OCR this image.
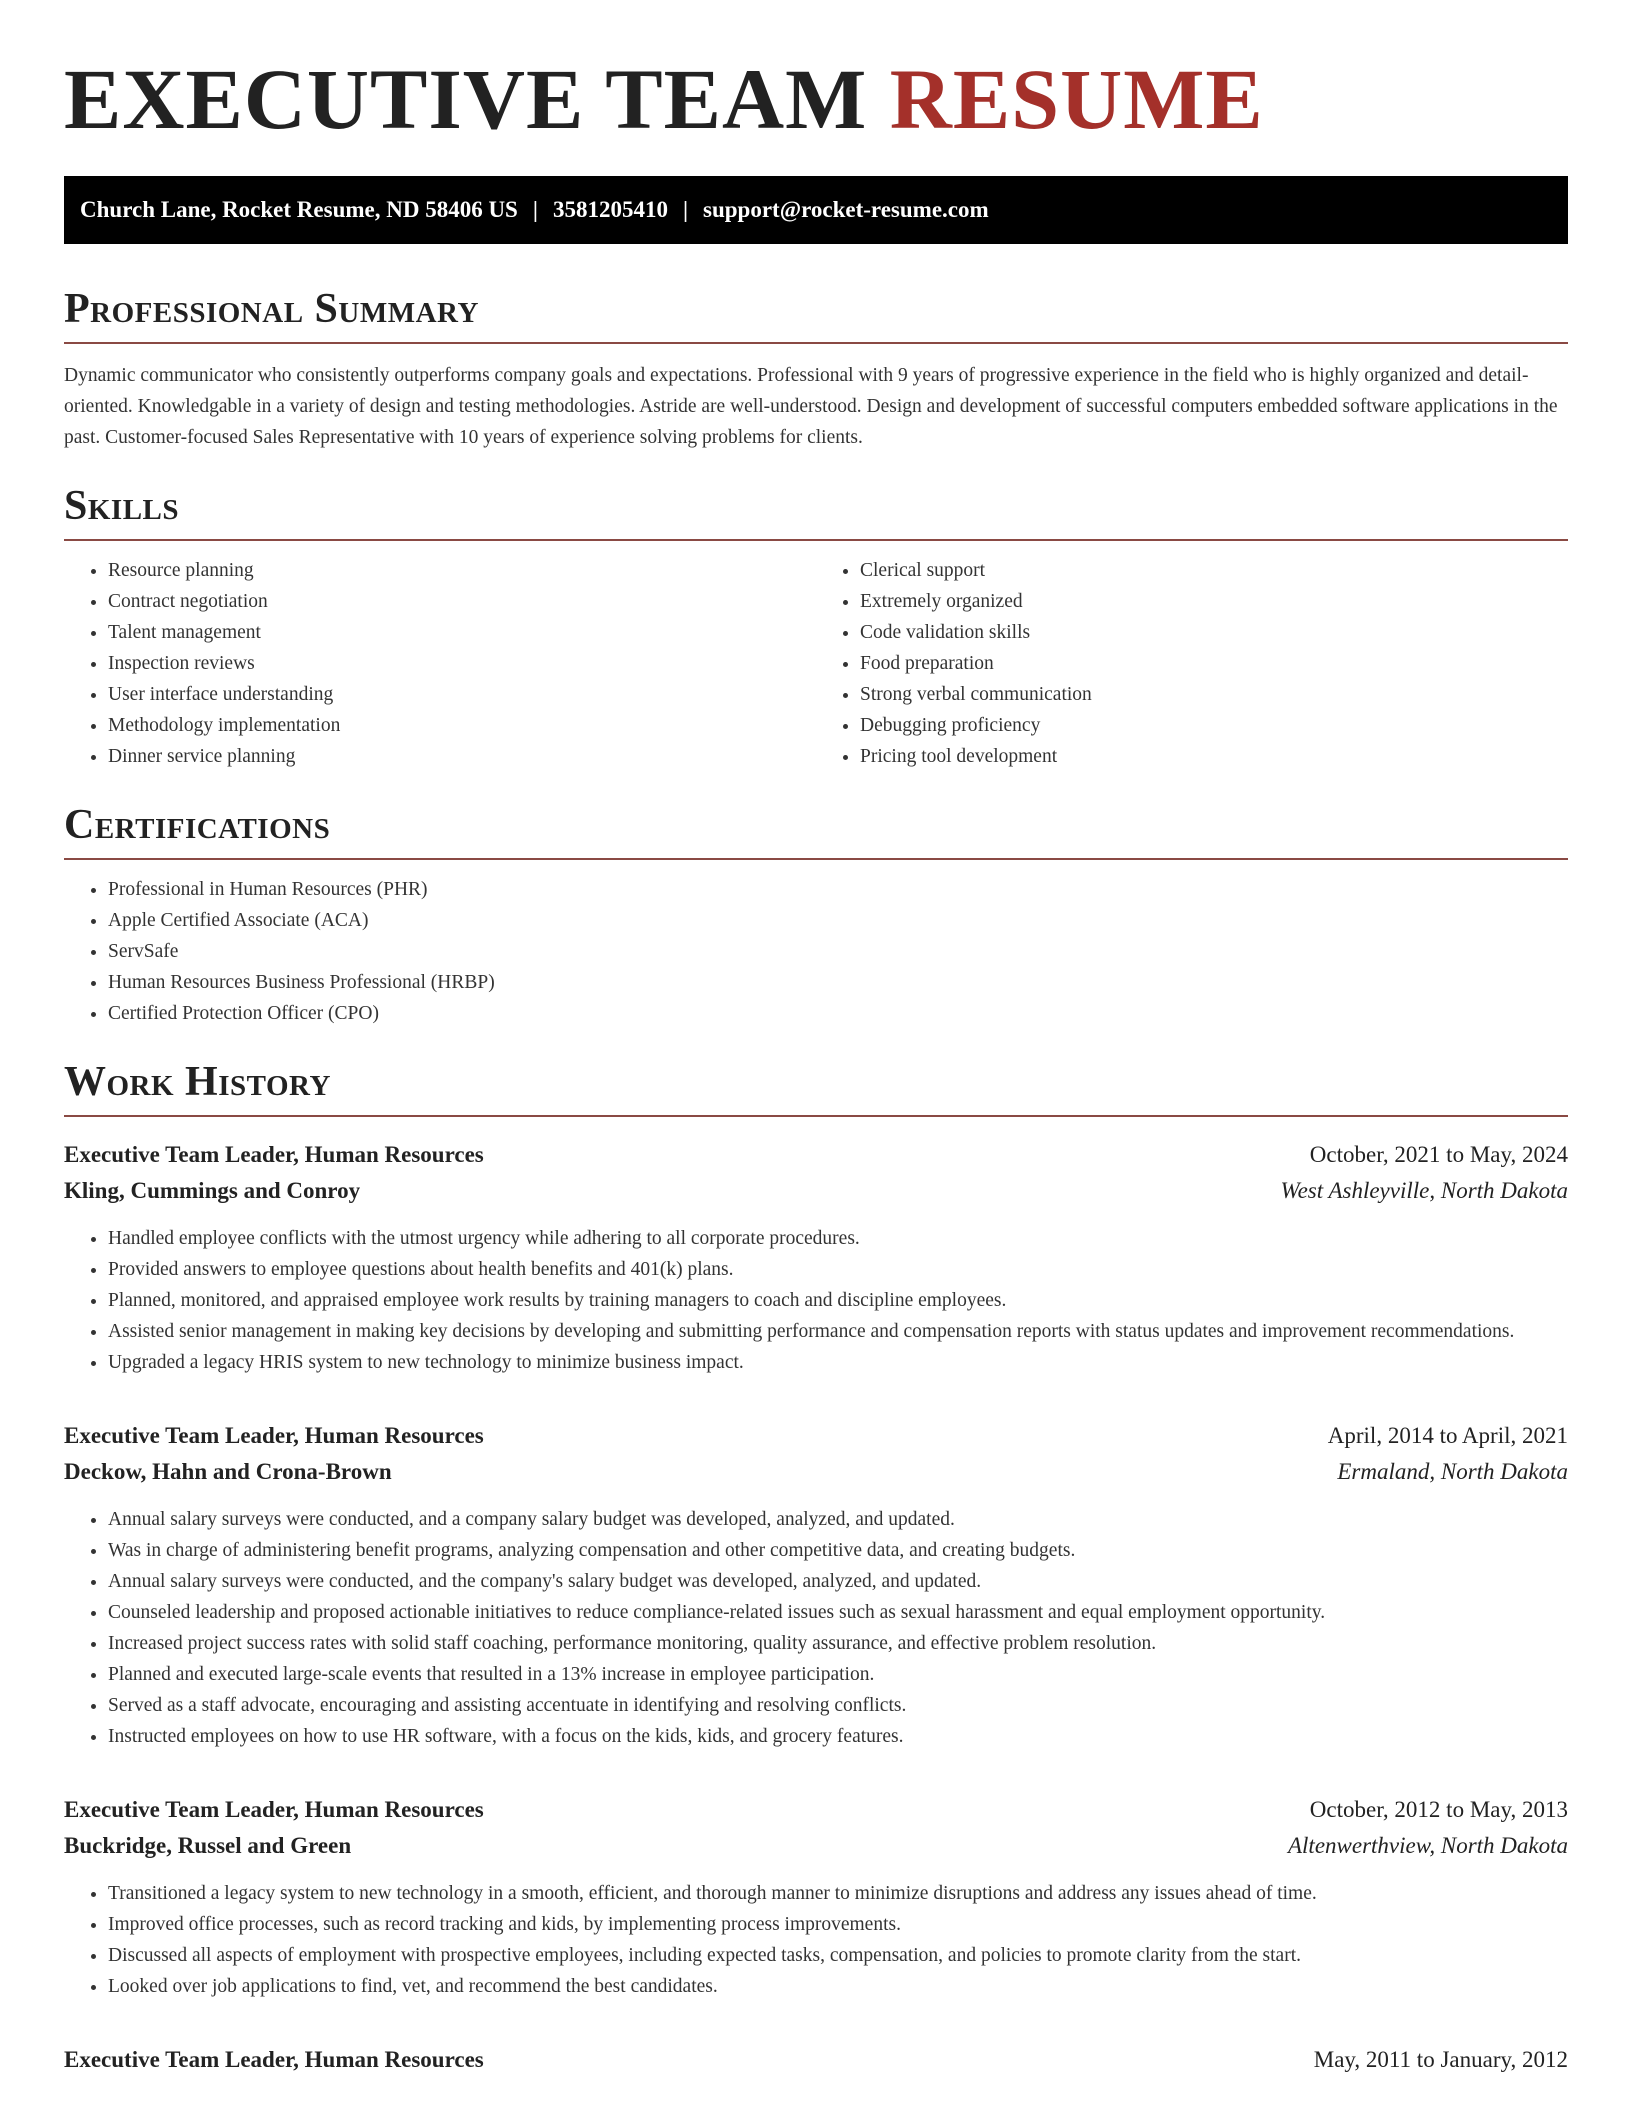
EXECUTIVE TEAM RESUME
Church Lane, Rocket Resume, ND 58406 US | 3581205410 | support@rocket-resume.com
Professional Summary

Dynamic communicator who consistently outperforms company goals and expectations. Professional with 9 years of progressive experience in the field who is highly organized and detail-oriented. Knowledgable in a variety of design and testing methodologies. Astride are well-understood. Design and development of successful computers embedded software applications in the past. Customer-focused Sales Representative with 10 years of experience solving problems for clients.

Skills
• Resource planning
• Contract negotiation
• Talent management
• Inspection reviews
• User interface understanding
• Methodology implementation
• Dinner service planning
• Clerical support
• Extremely organized
• Code validation skills
• Food preparation
• Strong verbal communication
• Debugging proficiency
• Pricing tool development
Certifications
• Professional in Human Resources (PHR)
• Apple Certified Associate (ACA)
• ServSafe
• Human Resources Business Professional (HRBP)
• Certified Protection Officer (CPO)
Work History
Executive Team Leader, Human Resources	October, 2021 to May, 2024
Kling, Cummings and Conroy	West Ashleyville, North Dakota
• Handled employee conflicts with the utmost urgency while adhering to all corporate procedures.
• Provided answers to employee questions about health benefits and 401(k) plans.
• Planned, monitored, and appraised employee work results by training managers to coach and discipline employees.
• Assisted senior management in making key decisions by developing and submitting performance and compensation reports with status updates and improvement recommendations.
• Upgraded a legacy HRIS system to new technology to minimize business impact.
Executive Team Leader, Human Resources	April, 2014 to April, 2021
Deckow, Hahn and Crona-Brown	Ermaland, North Dakota
• Annual salary surveys were conducted, and a company salary budget was developed, analyzed, and updated.
• Was in charge of administering benefit programs, analyzing compensation and other competitive data, and creating budgets.
• Annual salary surveys were conducted, and the company's salary budget was developed, analyzed, and updated.
• Counseled leadership and proposed actionable initiatives to reduce compliance-related issues such as sexual harassment and equal employment opportunity.
• Increased project success rates with solid staff coaching, performance monitoring, quality assurance, and effective problem resolution.
• Planned and executed large-scale events that resulted in a 13% increase in employee participation.
• Served as a staff advocate, encouraging and assisting accentuate in identifying and resolving conflicts.
• Instructed employees on how to use HR software, with a focus on the kids, kids, and grocery features.
Executive Team Leader, Human Resources	October, 2012 to May, 2013
Buckridge, Russel and Green	Altenwerthview, North Dakota
• Transitioned a legacy system to new technology in a smooth, efficient, and thorough manner to minimize disruptions and address any issues ahead of time.
• Improved office processes, such as record tracking and kids, by implementing process improvements.
• Discussed all aspects of employment with prospective employees, including expected tasks, compensation, and policies to promote clarity from the start.
• Looked over job applications to find, vet, and recommend the best candidates.
Executive Team Leader, Human Resources	May, 2011 to January, 2012
